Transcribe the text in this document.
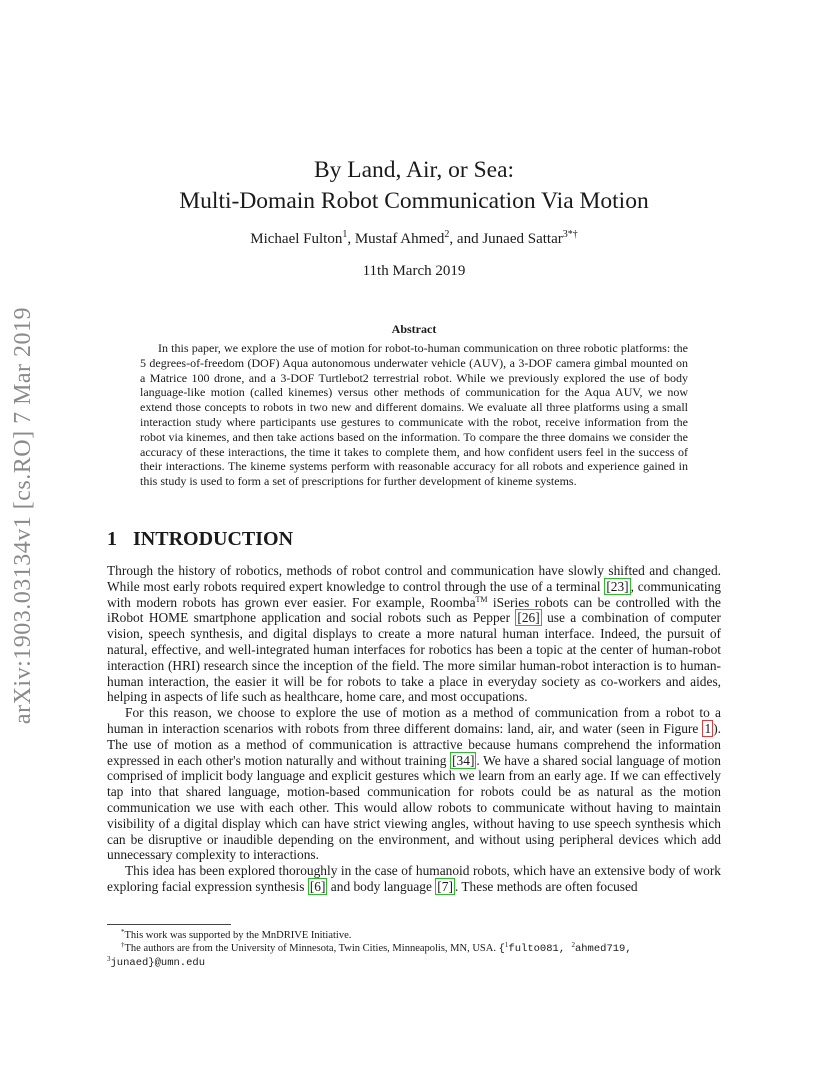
arXiv:1903.03134v1 [cs.RO] 7 Mar 2019
By Land, Air, or Sea:
Multi-Domain Robot Communication Via Motion
Michael Fulton$^1$, Mustaf Ahmed$^2$, and Junaed Sattar$^{3*\dagger}$
11th March 2019
Abstract

In this paper, we explore the use of motion for robot-to-human communication on three robotic platforms: the 5 degrees-of-freedom (DOF) Aqua autonomous underwater vehicle (AUV), a 3-DOF camera gimbal mounted on a Matrice 100 drone, and a 3-DOF Turtlebot2 terrestrial robot. While we previously explored the use of body language-like motion (called kinemes) versus other methods of communication for the Aqua AUV, we now extend those concepts to robots in two new and different domains. We evaluate all three platforms using a small interaction study where participants use gestures to communicate with the robot, receive information from the robot via kinemes, and then take actions based on the information. To compare the three domains we consider the accuracy of these interactions, the time it takes to complete them, and how confident users feel in the success of their interactions. The kineme systems perform with reasonable accuracy for all robots and experience gained in this study is used to form a set of prescriptions for further development of kineme systems.

1 INTRODUCTION

Through the history of robotics, methods of robot control and communication have slowly shifted and changed. While most early robots required expert knowledge to control through the use of a terminal [23] , communicating with modern robots has grown ever easier. For example, Roomba™ iSeries robots can be controlled with the iRobot HOME smartphone application and social robots such as Pepper [26] use a combination of computer vision, speech synthesis, and digital displays to create a more natural human interface. Indeed, the pursuit of natural, effective, and well-integrated human interfaces for robotics has been a topic at the center of human-robot interaction (HRI) research since the inception of the field. The more similar human-robot interaction is to human-human interaction, the easier it will be for robots to take a place in everyday society as co-workers and aides, helping in aspects of life such as healthcare, home care, and most occupations.

For this reason, we choose to explore the use of motion as a method of communication from a robot to a human in interaction scenarios with robots from three different domains: land, air, and water (seen in Figure 1 ). The use of motion as a method of communication is attractive because humans comprehend the information expressed in each other's motion naturally and without training [34] . We have a shared social language of motion comprised of implicit body language and explicit gestures which we learn from an early age. If we can effectively tap into that shared language, motion-based communication for robots could be as natural as the motion communication we use with each other. This would allow robots to communicate without having to maintain visibility of a digital display which can have strict viewing angles, without having to use speech synthesis which can be disruptive or inaudible depending on the environment, and without using peripheral devices which add unnecessary complexity to interactions.

This idea has been explored thoroughly in the case of humanoid robots, which have an extensive body of work exploring facial expression synthesis [6] and body language [7] . These methods are often focused

*This work was supported by the MnDRIVE Initiative.

†The authors are from the University of Minnesota, Twin Cities, Minneapolis, MN, USA. {$^1$fulto081, $^2$ahmed719, $^3$junaed}@umn.edu
